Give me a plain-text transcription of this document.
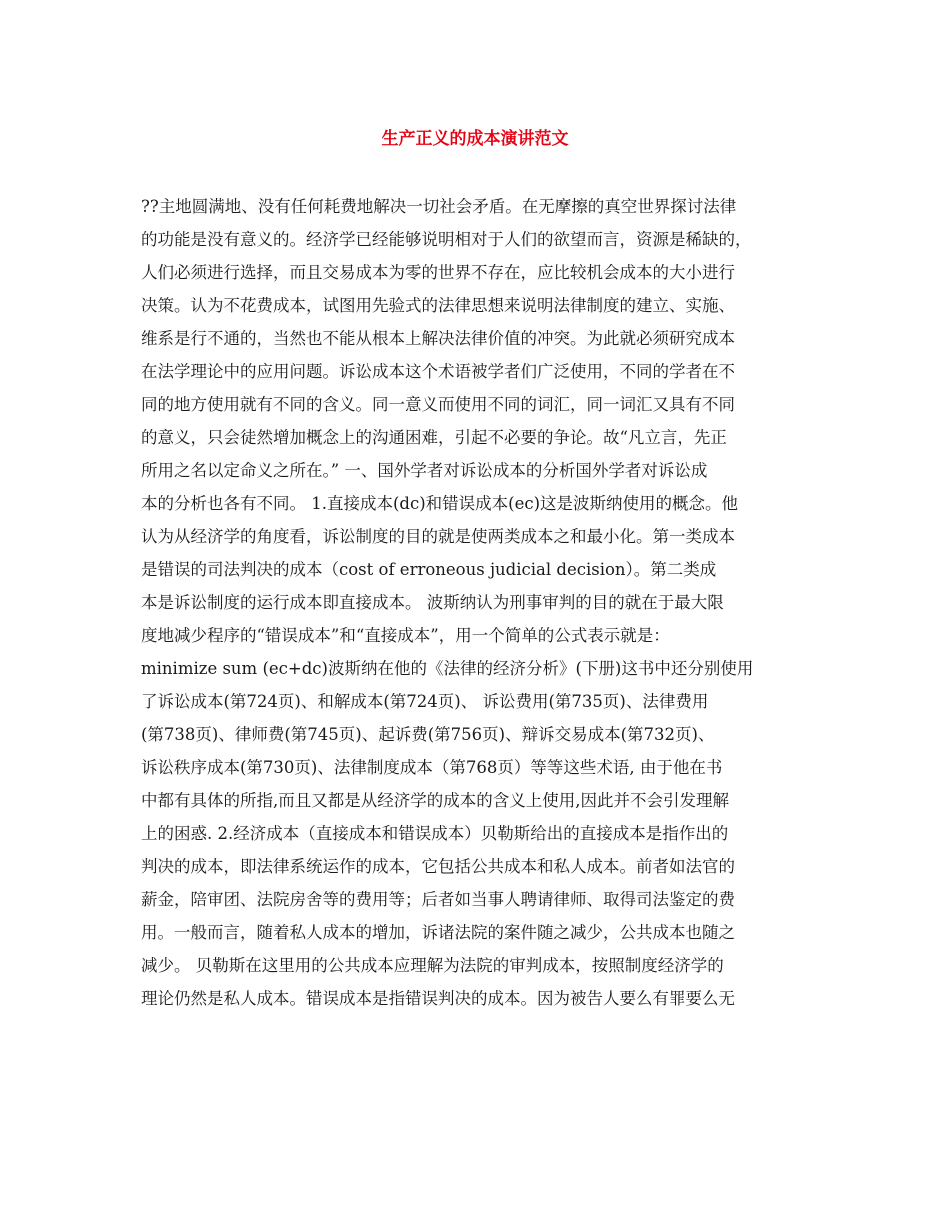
生产正义的成本演讲范文
??主地圆满地、没有任何耗费地解决一切社会矛盾。在无摩擦的真空世界探讨法律
的功能是没有意义的。经济学已经能够说明相对于人们的欲望而言，资源是稀缺的，
人们必须进行选择，而且交易成本为零的世界不存在，应比较机会成本的大小进行
决策。认为不花费成本，试图用先验式的法律思想来说明法律制度的建立、实施、
维系是行不通的，当然也不能从根本上解决法律价值的冲突。为此就必须研究成本
在法学理论中的应用问题。诉讼成本这个术语被学者们广泛使用，不同的学者在不
同的地方使用就有不同的含义。同一意义而使用不同的词汇，同一词汇又具有不同
的意义，只会徒然增加概念上的沟通困难，引起不必要的争论。故“凡立言，先正
所用之名以定命义之所在。” 一、国外学者对诉讼成本的分析国外学者对诉讼成
本的分析也各有不同。 1.直接成本(dc)和错误成本(ec)这是波斯纳使用的概念。他
认为从经济学的角度看，诉讼制度的目的就是使两类成本之和最小化。第一类成本
是错误的司法判决的成本（cost of erroneous judicial decision）。第二类成
本是诉讼制度的运行成本即直接成本。 波斯纳认为刑事审判的目的就在于最大限
度地减少程序的“错误成本”和“直接成本”，用一个简单的公式表示就是：
minimize sum (ec+dc)波斯纳在他的《法律的经济分析》(下册)这书中还分别使用
了诉讼成本(第724页)、和解成本(第724页)、 诉讼费用(第735页)、法律费用
(第738页)、律师费(第745页)、起诉费(第756页)、辩诉交易成本(第732页)、
诉讼秩序成本(第730页)、法律制度成本（第768页）等等这些术语, 由于他在书
中都有具体的所指,而且又都是从经济学的成本的含义上使用,因此并不会引发理解
上的困惑. 2.经济成本（直接成本和错误成本）贝勒斯给出的直接成本是指作出的
判决的成本，即法律系统运作的成本，它包括公共成本和私人成本。前者如法官的
薪金，陪审团、法院房舍等的费用等；后者如当事人聘请律师、取得司法鉴定的费
用。一般而言，随着私人成本的增加，诉诸法院的案件随之减少，公共成本也随之
减少。 贝勒斯在这里用的公共成本应理解为法院的审判成本，按照制度经济学的
理论仍然是私人成本。错误成本是指错误判决的成本。因为被告人要么有罪要么无
